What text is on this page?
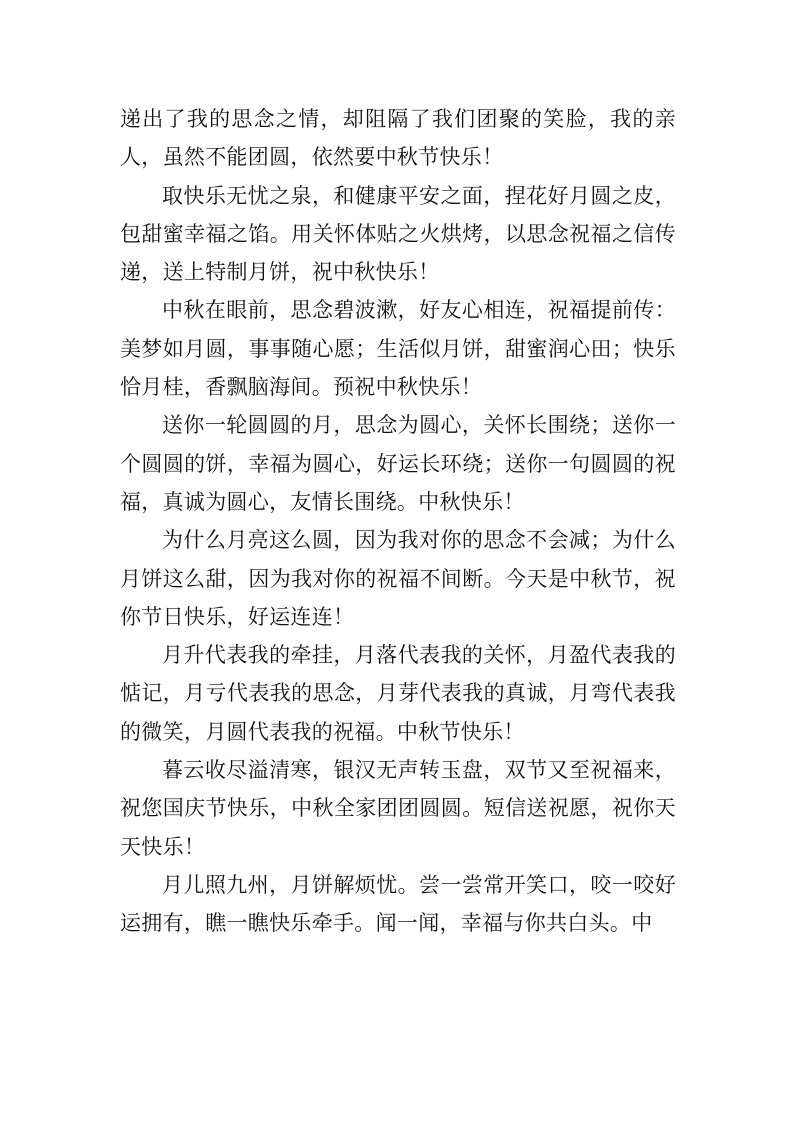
递出了我的思念之情，却阻隔了我们团聚的笑脸，我的亲人，虽然不能团圆，依然要中秋节快乐！

取快乐无忧之泉，和健康平安之面，捏花好月圆之皮，包甜蜜幸福之馅。用关怀体贴之火烘烤，以思念祝福之信传递，送上特制月饼，祝中秋快乐！

中秋在眼前，思念碧波漱，好友心相连，祝福提前传：美梦如月圆，事事随心愿；生活似月饼，甜蜜润心田；快乐恰月桂，香飘脑海间。预祝中秋快乐！

送你一轮圆圆的月，思念为圆心，关怀长围绕；送你一个圆圆的饼，幸福为圆心，好运长环绕；送你一句圆圆的祝福，真诚为圆心，友情长围绕。中秋快乐！

为什么月亮这么圆，因为我对你的思念不会减；为什么月饼这么甜，因为我对你的祝福不间断。今天是中秋节，祝你节日快乐，好运连连！

月升代表我的牵挂，月落代表我的关怀，月盈代表我的惦记，月亏代表我的思念，月芽代表我的真诚，月弯代表我的微笑，月圆代表我的祝福。中秋节快乐！

暮云收尽溢清寒，银汉无声转玉盘，双节又至祝福来，祝您国庆节快乐，中秋全家团团圆圆。短信送祝愿，祝你天天快乐！

月儿照九州，月饼解烦忧。尝一尝常开笑口，咬一咬好运拥有，瞧一瞧快乐牵手。闻一闻，幸福与你共白头。中
